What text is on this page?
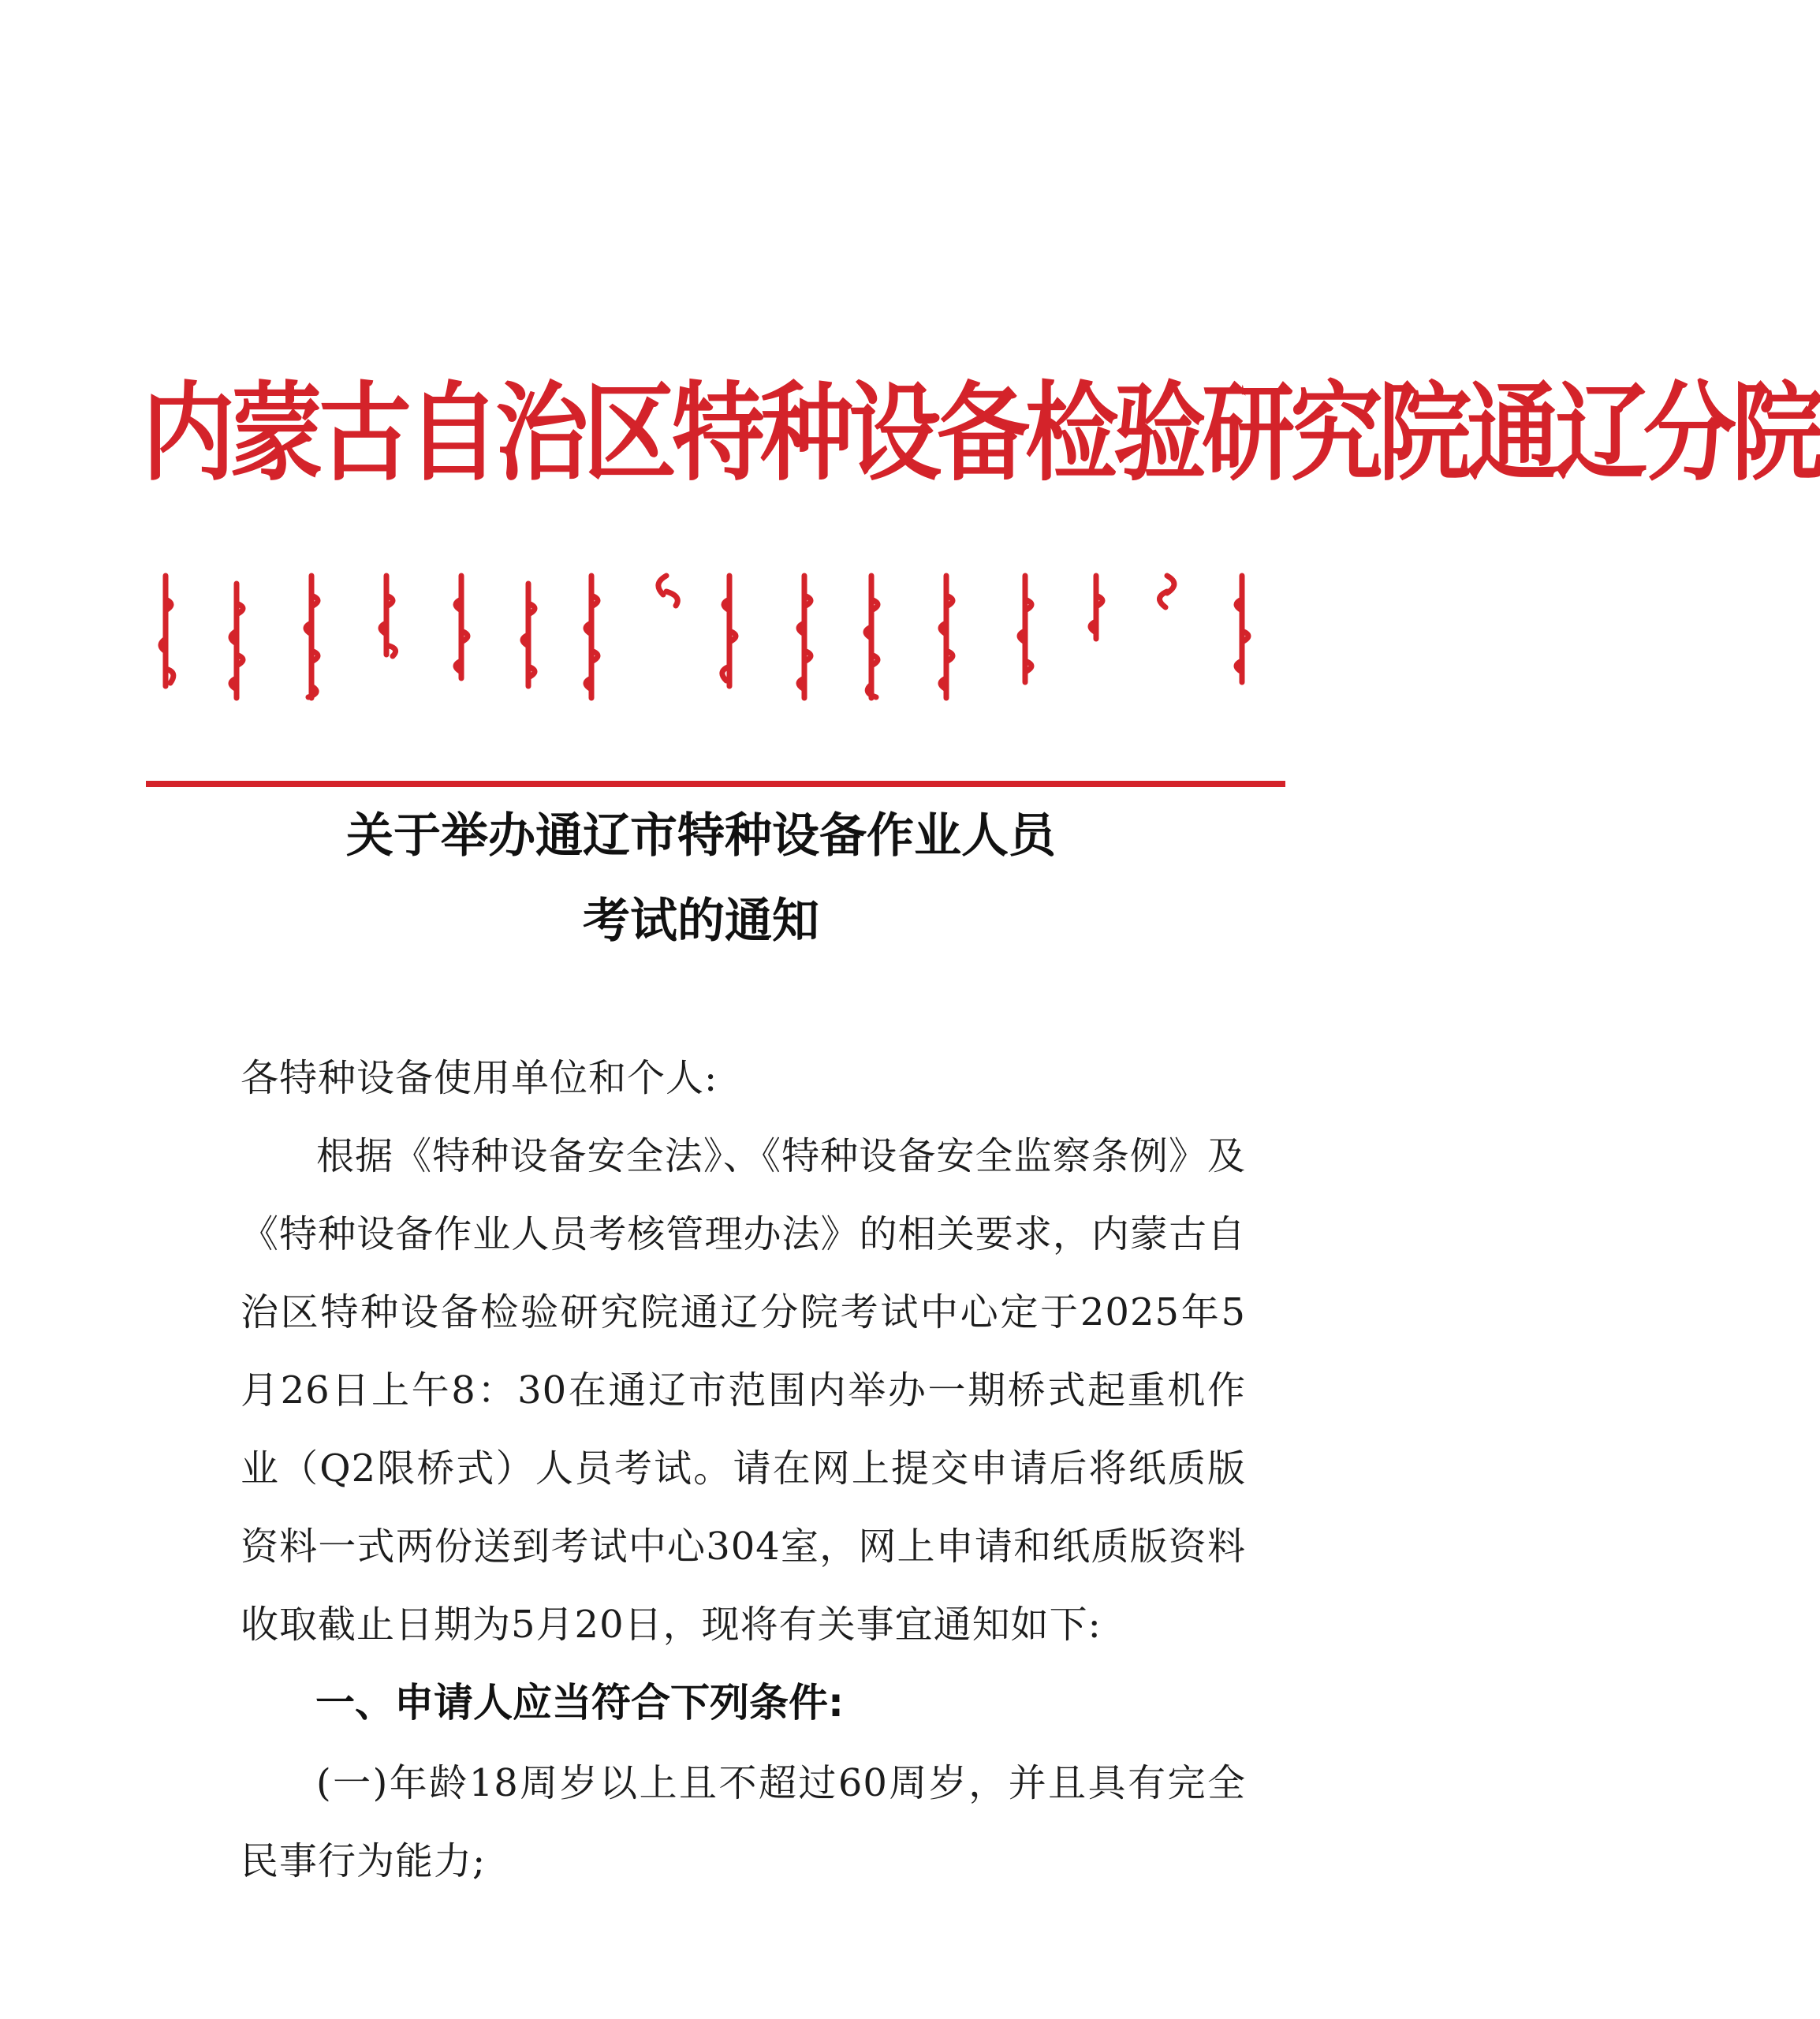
内蒙古自治区特种设备检验研究院通辽分院
关于举办通辽市特种设备作业人员
考试的通知
各特种设备使用单位和个人:
根据《特种设备安全法》、《特种设备安全监察条例》及《特种设备作业人员考核管理办法》的相关要求，内蒙古自治区特种设备检验研究院通辽分院考试中心定于2025年5月26日上午8：30在通辽市范围内举办一期桥式起重机作业（Q2限桥式）人员考试。请在网上提交申请后将纸质版资料一式两份送到考试中心304室，网上申请和纸质版资料收取截止日期为5月20日，现将有关事宜通知如下:
一、申请人应当符合下列条件:
(一)年龄18周岁以上且不超过60周岁，并且具有完全民事行为能力;
